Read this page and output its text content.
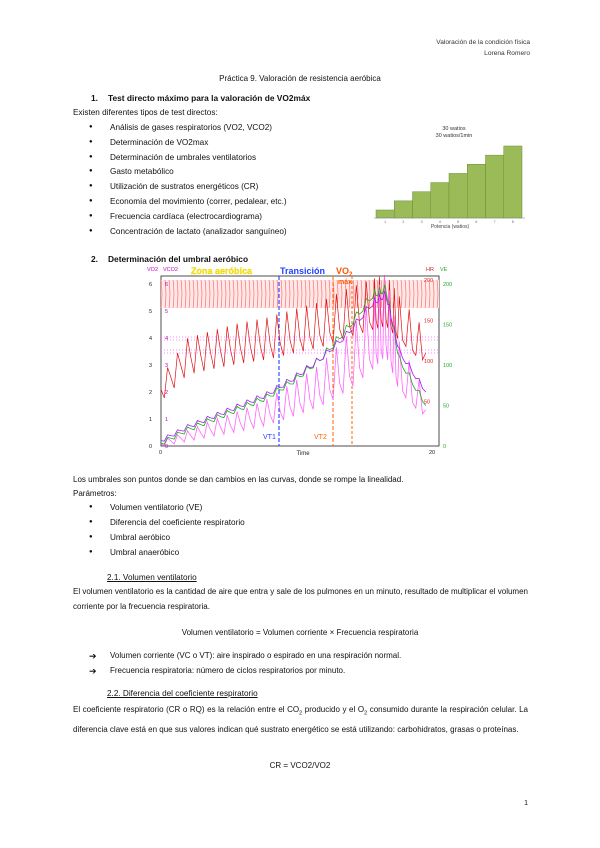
Valoración de la condición física
Lorena Romero
Práctica 9. Valoración de resistencia aeróbica
1. Test directo máximo para la valoración de VO2máx
Existen diferentes tipos de test directos:
● Análisis de gases respiratorios (VO2, VCO2)
● Determinación de VO2max
● Determinación de umbrales ventilatorios
● Gasto metabólico
● Utilización de sustratos energéticos (CR)
● Economía del movimiento (correr, pedalear, etc.)
● Frecuencia cardíaca (electrocardiograma)
● Concentración de lactato (analizador sanguíneo)
30 watios
30 watios/1min
1	2	3	4	5	6	7	8
Potencia (watios)
2. Determinación del umbral aeróbico
VO2 VCO2	HR VE
Zona aeróbica	Transición $VO_2$
máx
0 0
1 1
2 2
3 3
4 4
5 5
6 6
0
50
100
150
200
50
100
150
200
0	20
VT1	VT2
Time
Los umbrales son puntos donde se dan cambios en las curvas, donde se rompe la linealidad.
Parámetros:
● Volumen ventilatorio (VE)
● Diferencia del coeficiente respiratorio
● Umbral aeróbico
● Umbral anaeróbico
2.1. Volumen ventilatorio
El volumen ventilatorio es la cantidad de aire que entra y sale de los pulmones en un minuto, resultado de multiplicar el volumen corriente por la frecuencia respiratoria.
Volumen ventilatorio = Volumen corriente × Frecuencia respiratoria
➔ Volumen corriente (VC o VT): aire inspirado o espirado en una respiración normal.
➔ Frecuencia respiratoria: número de ciclos respiratorios por minuto.
2.2. Diferencia del coeficiente respiratorio
El coeficiente respiratorio (CR o RQ) es la relación entre el $CO_2$ producido y el $O_2$ consumido durante la respiración celular. La diferencia clave está en que sus valores indican qué sustrato energético se está utilizando: carbohidratos, grasas o proteínas.
CR = VCO2/VO2
1
